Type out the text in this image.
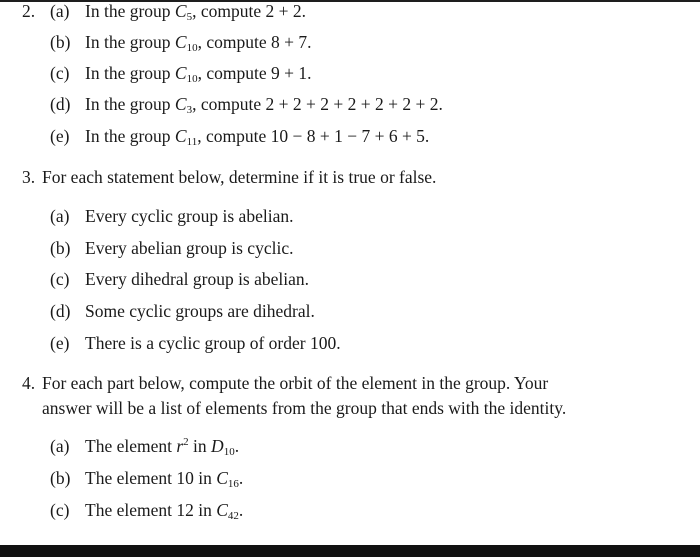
2. (a) In the group $C_5$, compute 2 + 2.
(b) In the group $C_{10}$, compute 8 + 7.
(c) In the group $C_{10}$, compute 9 + 1.
(d) In the group $C_3$, compute 2 + 2 + 2 + 2 + 2 + 2 + 2.
(e) In the group $C_{11}$, compute 10 − 8 + 1 − 7 + 6 + 5.
3. For each statement below, determine if it is true or false.
(a) Every cyclic group is abelian.
(b) Every abelian group is cyclic.
(c) Every dihedral group is abelian.
(d) Some cyclic groups are dihedral.
(e) There is a cyclic group of order 100.
4. For each part below, compute the orbit of the element in the group. Your
answer will be a list of elements from the group that ends with the identity.
(a) The element $r^2$ in $D_{10}$.
(b) The element 10 in $C_{16}$.
(c) The element 12 in $C_{42}$.
